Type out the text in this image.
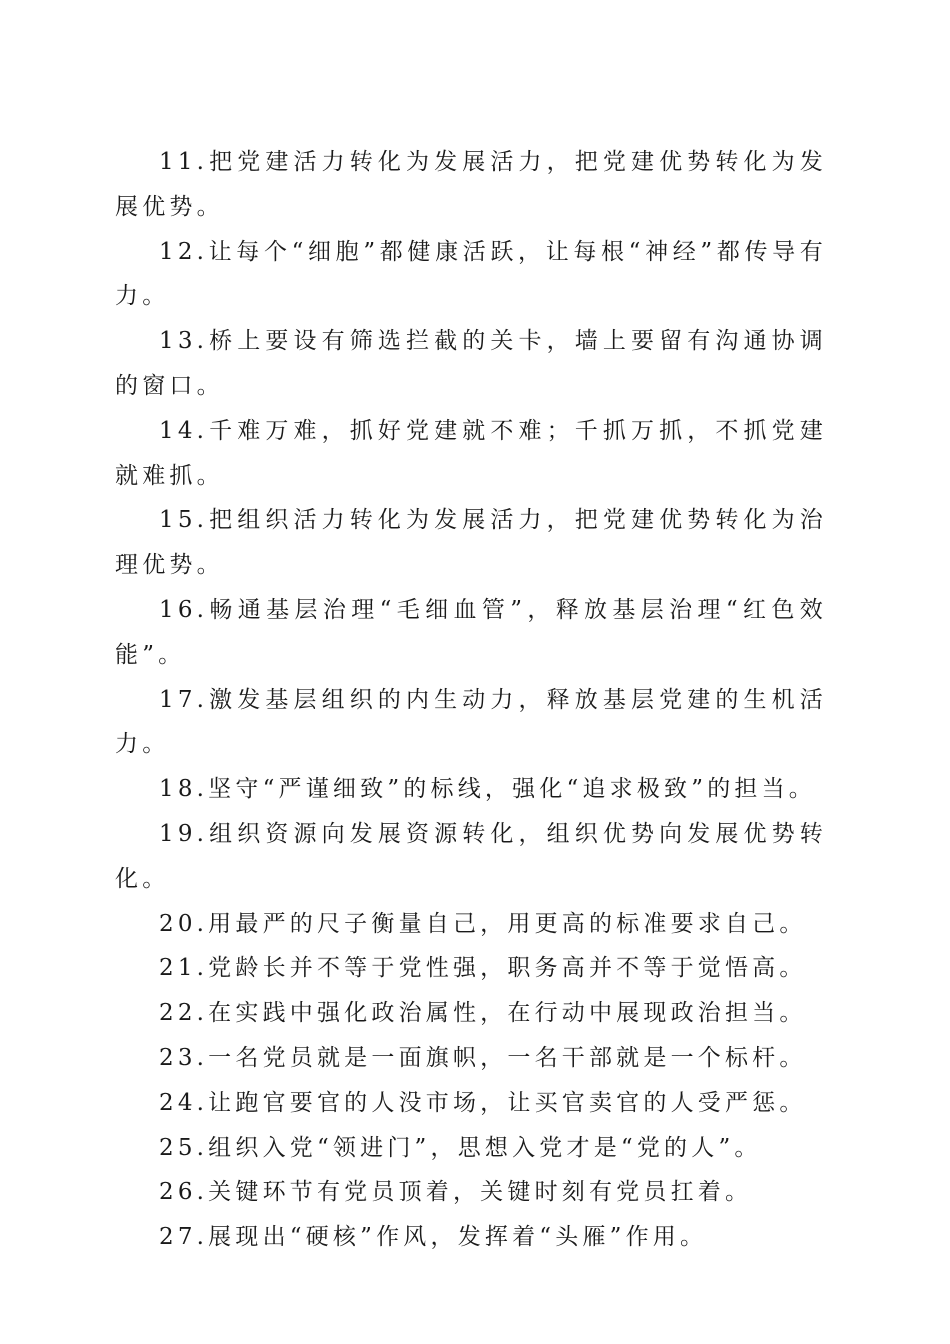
11.把党建活力转化为发展活力，把党建优势转化为发展优势。

12.让每个“细胞”都健康活跃，让每根“神经”都传导有力。

13.桥上要设有筛选拦截的关卡，墙上要留有沟通协调的窗口。

14.千难万难，抓好党建就不难；千抓万抓，不抓党建就难抓。

15.把组织活力转化为发展活力，把党建优势转化为治理优势。

16.畅通基层治理“毛细血管”，释放基层治理“红色效能”。

17.激发基层组织的内生动力，释放基层党建的生机活力。

18.坚守“严谨细致”的标线，强化“追求极致”的担当。

19.组织资源向发展资源转化，组织优势向发展优势转化。

20.用最严的尺子衡量自己，用更高的标准要求自己。

21.党龄长并不等于党性强，职务高并不等于觉悟高。

22.在实践中强化政治属性，在行动中展现政治担当。

23.一名党员就是一面旗帜，一名干部就是一个标杆。

24.让跑官要官的人没市场，让买官卖官的人受严惩。

25.组织入党“领进门”，思想入党才是“党的人”。

26.关键环节有党员顶着，关键时刻有党员扛着。

27.展现出“硬核”作风，发挥着“头雁”作用。
